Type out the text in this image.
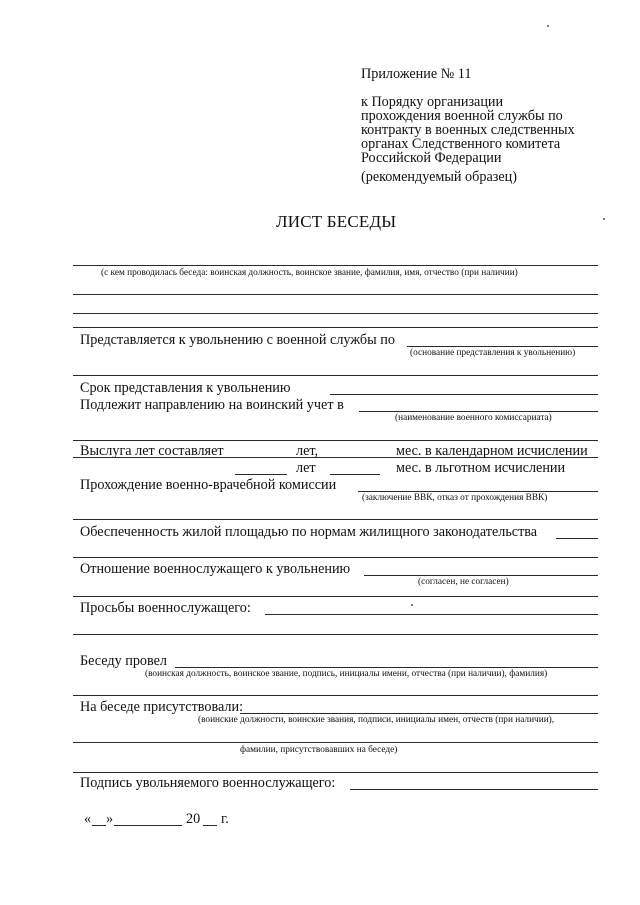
Приложение № 11
к Порядку организации
прохождения военной службы по
контракту в военных следственных
органах Следственного комитета
Российской Федерации
(рекомендуемый образец)
ЛИСТ БЕСЕДЫ
(с кем проводилась беседа: воинская должность, воинское звание, фамилия, имя, отчество (при наличии)
Представляется к увольнению с военной службы по
(основание представления к увольнению)
Срок представления к увольнению
Подлежит направлению на воинский учет в
(наименование военного комиссариата)
Выслуга лет составляет	лет,	мес. в календарном исчислении
лет	мес. в льготном исчислении
Прохождение военно-врачебной комиссии
(заключение ВВК, отказ от прохождения ВВК)
Обеспеченность жилой площадью по нормам жилищного законодательства
Отношение военнослужащего к увольнению
(согласен, не согласен)
Просьбы военнослужащего:
Беседу провел
(воинская должность, воинское звание, подпись, инициалы имени, отчества (при наличии), фамилия)
На беседе присутствовали:
(воинские должности, воинские звания, подписи, инициалы имен, отчеств (при наличии),
фамилии, присутствовавших на беседе)
Подпись увольняемого военнослужащего:
« »	20 г.
